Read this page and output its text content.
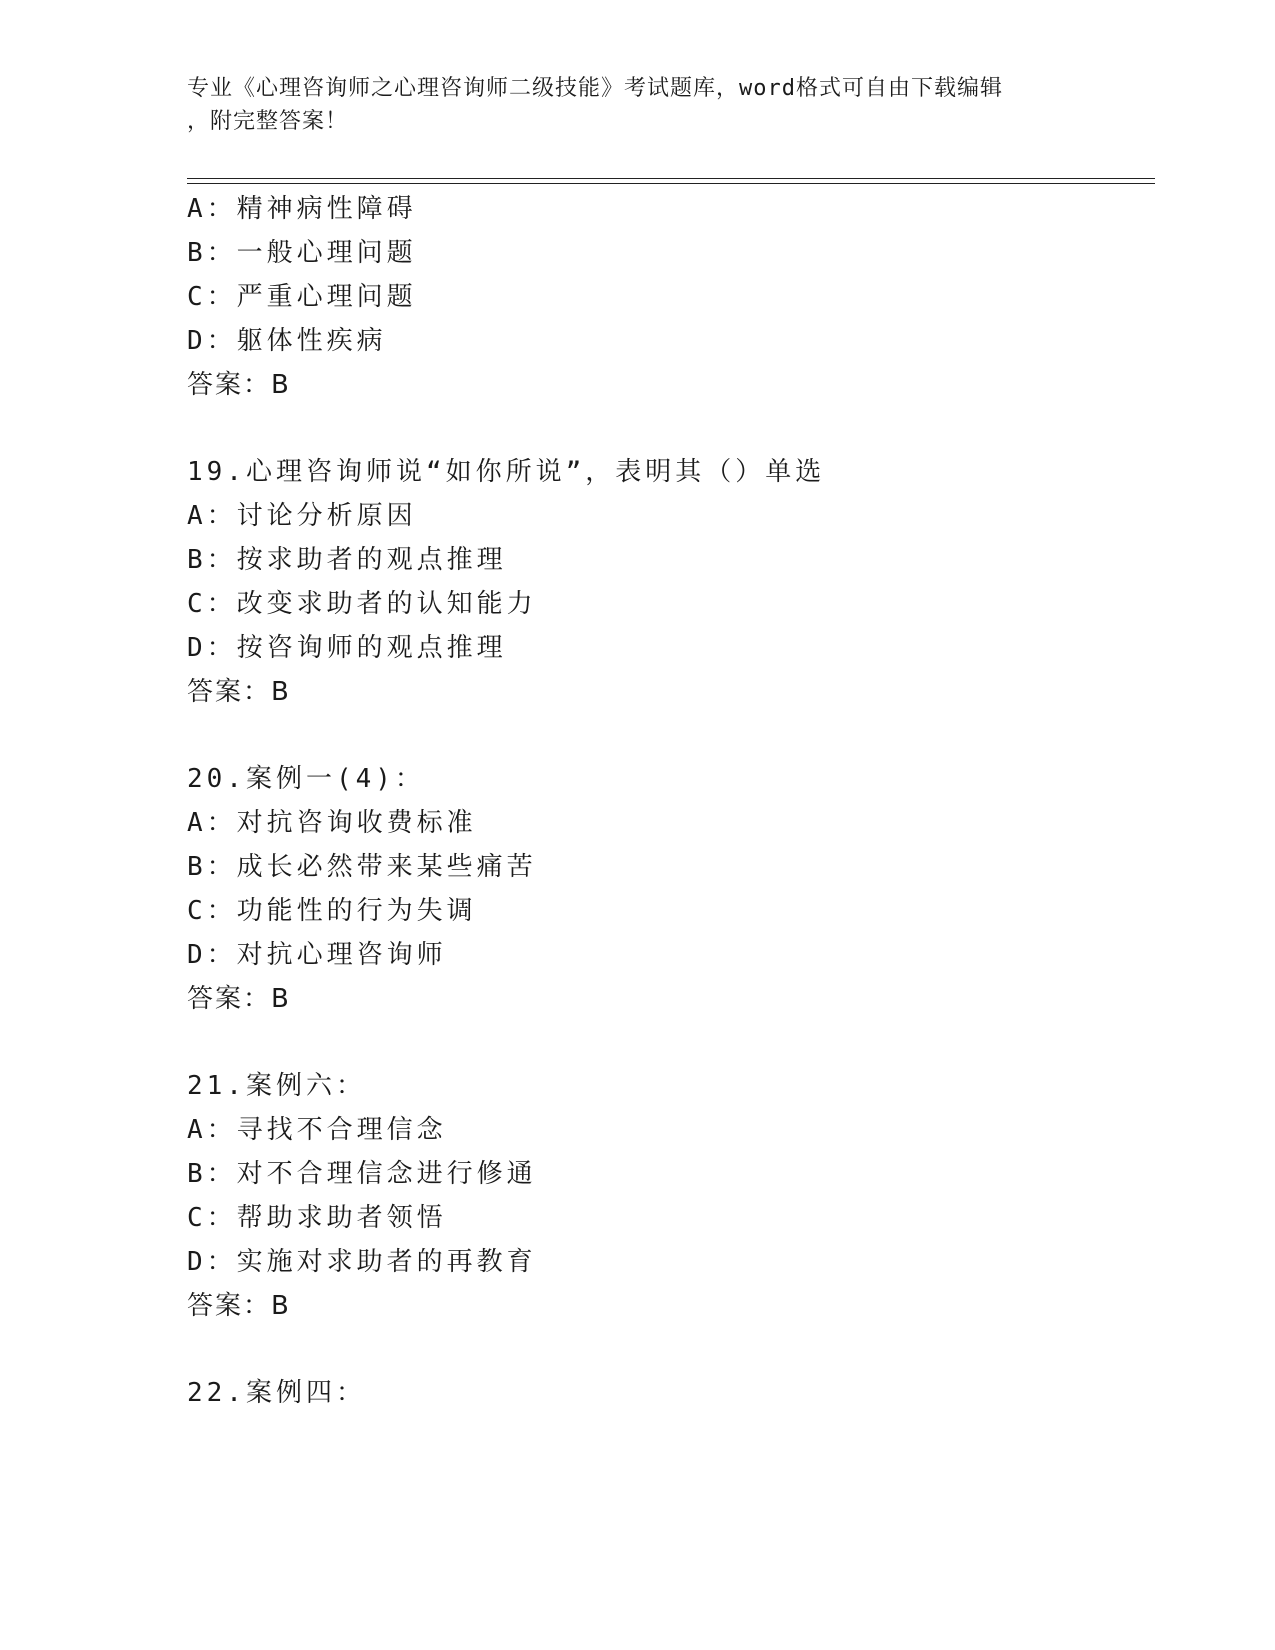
专业《心理咨询师之心理咨询师二级技能》考试题库，word格式可自由下载编辑
，附完整答案！
A：精神病性障碍
B：一般心理问题
C：严重心理问题
D：躯体性疾病
答案：B
19.心理咨询师说“如你所说”，表明其（）单选
A：讨论分析原因
B：按求助者的观点推理
C：改变求助者的认知能力
D：按咨询师的观点推理
答案：B
20.案例一(4)：
A：对抗咨询收费标准
B：成长必然带来某些痛苦
C：功能性的行为失调
D：对抗心理咨询师
答案：B
21.案例六：
A：寻找不合理信念
B：对不合理信念进行修通
C：帮助求助者领悟
D：实施对求助者的再教育
答案：B
22.案例四：
